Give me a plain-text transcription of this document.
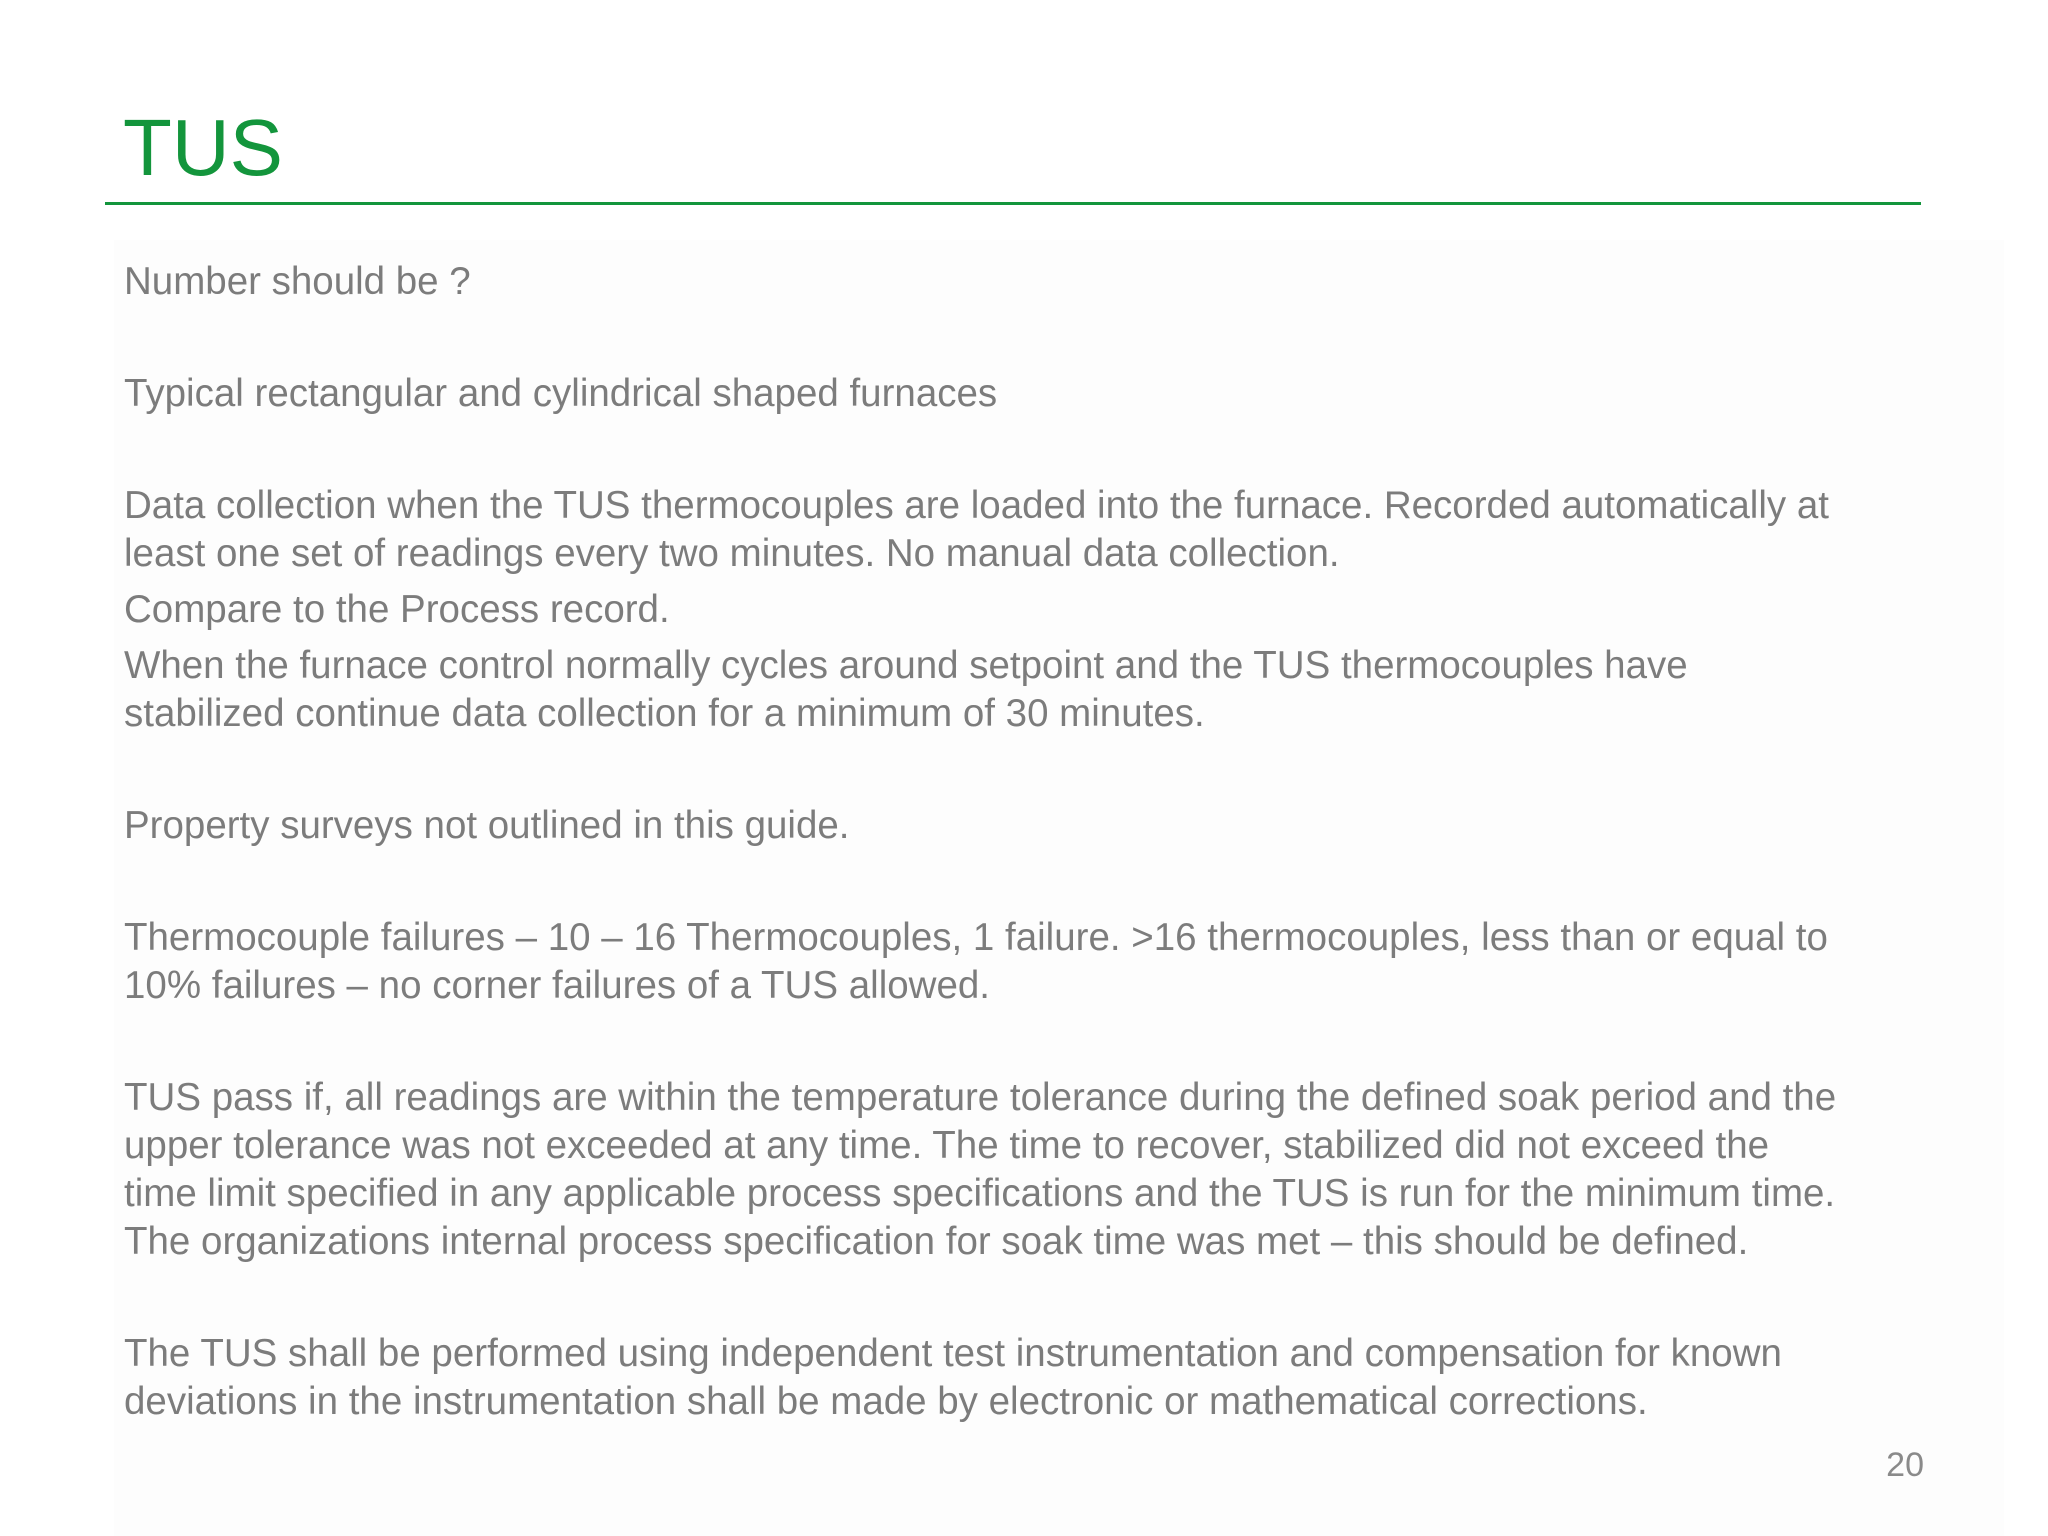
TUS

Number should be ?

Typical rectangular and cylindrical shaped furnaces

Data collection when the TUS thermocouples are loaded into the furnace. Recorded automatically at
least one set of readings every two minutes. No manual data collection.

Compare to the Process record.

When the furnace control normally cycles around setpoint and the TUS thermocouples have
stabilized continue data collection for a minimum of 30 minutes.

Property surveys not outlined in this guide.

Thermocouple failures – 10 – 16 Thermocouples, 1 failure. >16 thermocouples, less than or equal to
10% failures – no corner failures of a TUS allowed.

TUS pass if, all readings are within the temperature tolerance during the defined soak period and the
upper tolerance was not exceeded at any time. The time to recover, stabilized did not exceed the
time limit specified in any applicable process specifications and the TUS is run for the minimum time.
The organizations internal process specification for soak time was met – this should be defined.

The TUS shall be performed using independent test instrumentation and compensation for known
deviations in the instrumentation shall be made by electronic or mathematical corrections.

20
